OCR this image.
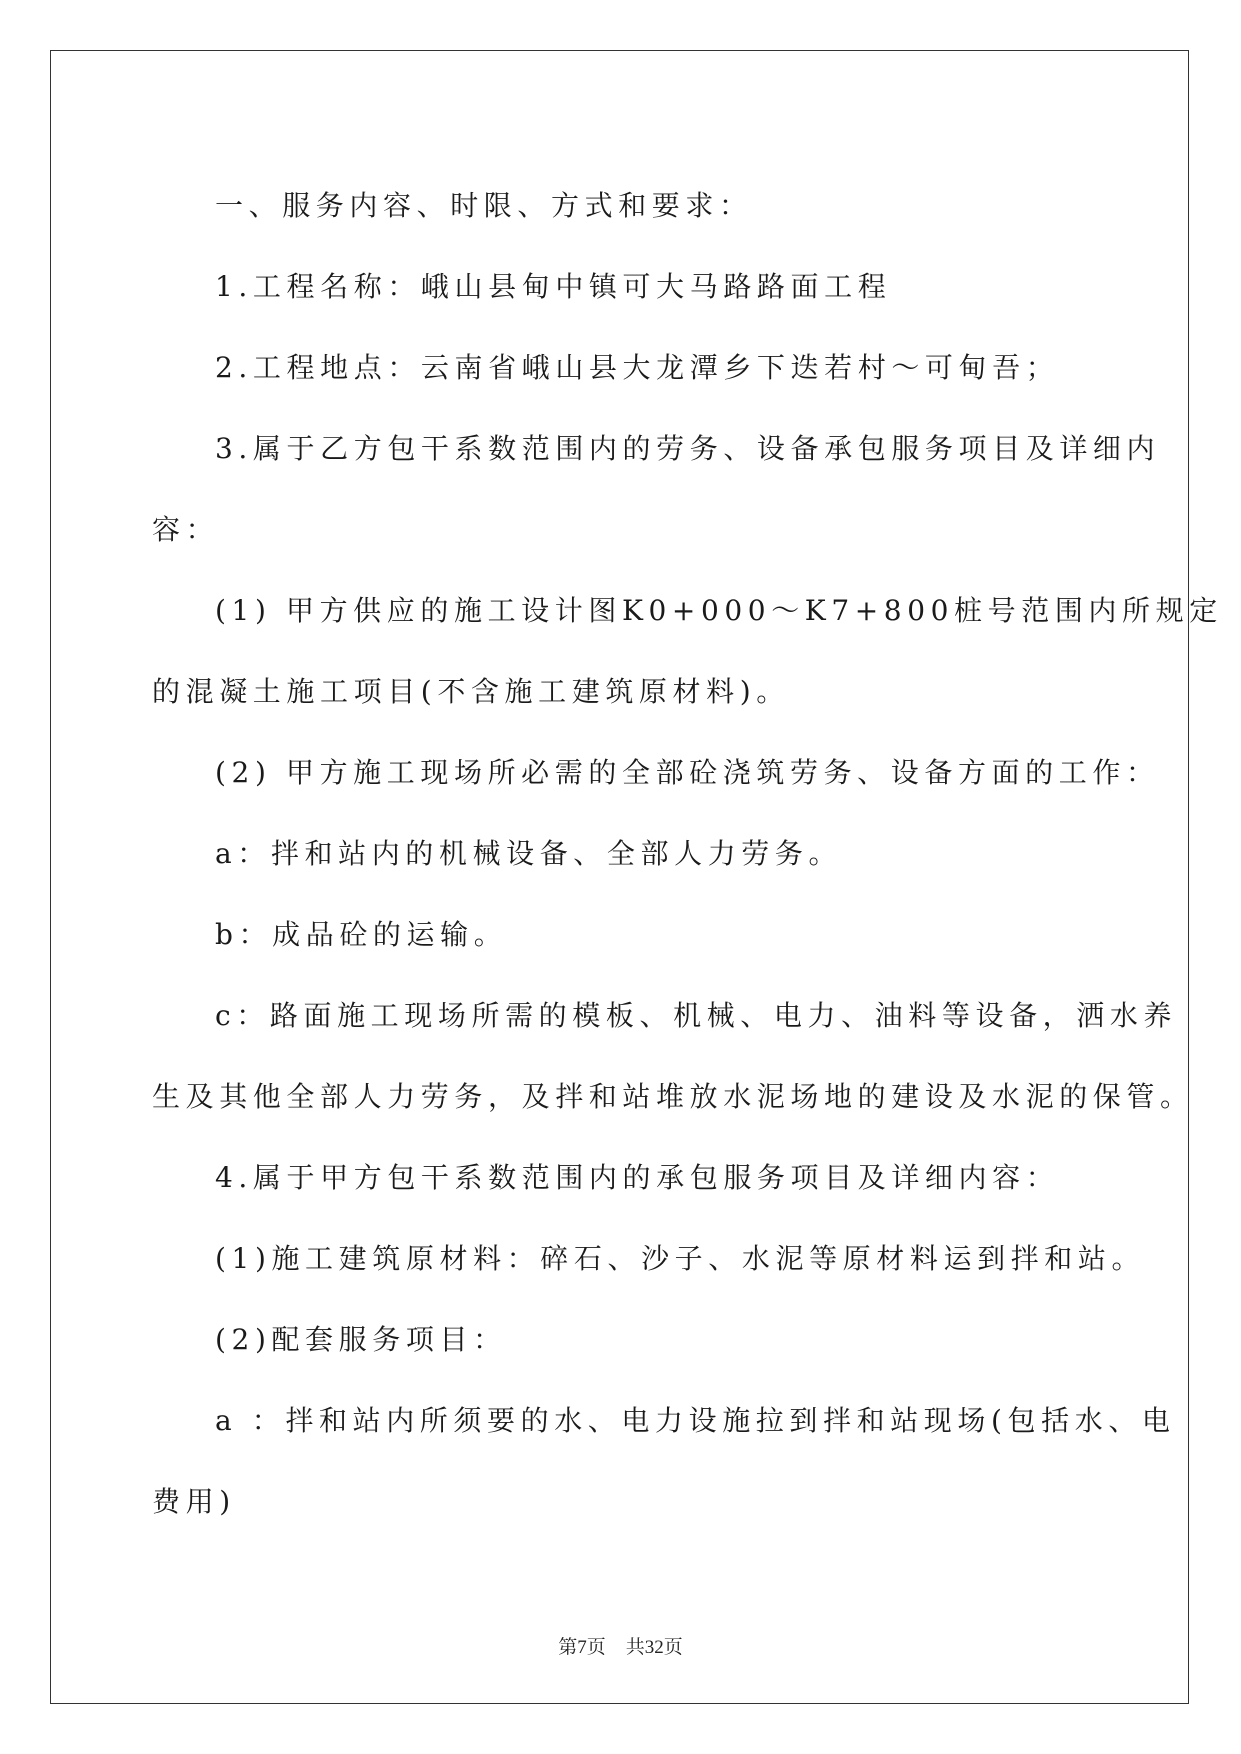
一、服务内容、时限、方式和要求：

1.工程名称：峨山县甸中镇可大马路路面工程

2.工程地点：云南省峨山县大龙潭乡下迭若村～可甸吾；

3.属于乙方包干系数范围内的劳务、设备承包服务项目及详细内

容：

(1) 甲方供应的施工设计图K0+000～K7+800桩号范围内所规定

的混凝土施工项目(不含施工建筑原材料)。

(2) 甲方施工现场所必需的全部砼浇筑劳务、设备方面的工作：

a：拌和站内的机械设备、全部人力劳务。

b：成品砼的运输。

c：路面施工现场所需的模板、机械、电力、油料等设备，洒水养

生及其他全部人力劳务，及拌和站堆放水泥场地的建设及水泥的保管。

4.属于甲方包干系数范围内的承包服务项目及详细内容：

(1)施工建筑原材料：碎石、沙子、水泥等原材料运到拌和站。

(2)配套服务项目：

a ：拌和站内所须要的水、电力设施拉到拌和站现场(包括水、电

费用)

第7页 共32页
